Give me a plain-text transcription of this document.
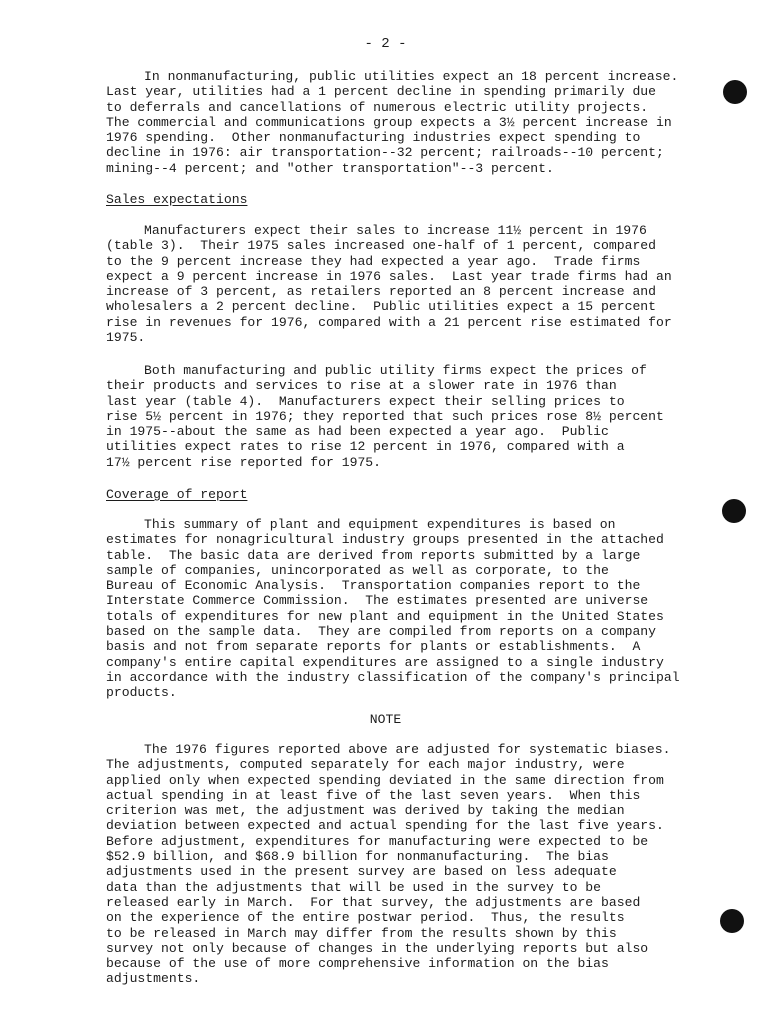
- 2 -

In nonmanufacturing, public utilities expect an 18 percent increase.
Last year, utilities had a 1 percent decline in spending primarily due
to deferrals and cancellations of numerous electric utility projects.
The commercial and communications group expects a 3½ percent increase in
1976 spending.  Other nonmanufacturing industries expect spending to
decline in 1976: air transportation--32 percent; railroads--10 percent;
mining--4 percent; and "other transportation"--3 percent.

Sales expectations

Manufacturers expect their sales to increase 11½ percent in 1976
(table 3).  Their 1975 sales increased one-half of 1 percent, compared
to the 9 percent increase they had expected a year ago.  Trade firms
expect a 9 percent increase in 1976 sales.  Last year trade firms had an
increase of 3 percent, as retailers reported an 8 percent increase and
wholesalers a 2 percent decline.  Public utilities expect a 15 percent
rise in revenues for 1976, compared with a 21 percent rise estimated for
1975.

Both manufacturing and public utility firms expect the prices of
their products and services to rise at a slower rate in 1976 than
last year (table 4).  Manufacturers expect their selling prices to
rise 5½ percent in 1976; they reported that such prices rose 8½ percent
in 1975--about the same as had been expected a year ago.  Public
utilities expect rates to rise 12 percent in 1976, compared with a
17½ percent rise reported for 1975.

Coverage of report

This summary of plant and equipment expenditures is based on
estimates for nonagricultural industry groups presented in the attached
table.  The basic data are derived from reports submitted by a large
sample of companies, unincorporated as well as corporate, to the
Bureau of Economic Analysis.  Transportation companies report to the
Interstate Commerce Commission.  The estimates presented are universe
totals of expenditures for new plant and equipment in the United States
based on the sample data.  They are compiled from reports on a company
basis and not from separate reports for plants or establishments.  A
company's entire capital expenditures are assigned to a single industry
in accordance with the industry classification of the company's principal
products.

NOTE

The 1976 figures reported above are adjusted for systematic biases.
The adjustments, computed separately for each major industry, were
applied only when expected spending deviated in the same direction from
actual spending in at least five of the last seven years.  When this
criterion was met, the adjustment was derived by taking the median
deviation between expected and actual spending for the last five years.
Before adjustment, expenditures for manufacturing were expected to be
$52.9 billion, and $68.9 billion for nonmanufacturing.  The bias
adjustments used in the present survey are based on less adequate
data than the adjustments that will be used in the survey to be
released early in March.  For that survey, the adjustments are based
on the experience of the entire postwar period.  Thus, the results
to be released in March may differ from the results shown by this
survey not only because of changes in the underlying reports but also
because of the use of more comprehensive information on the bias
adjustments.
